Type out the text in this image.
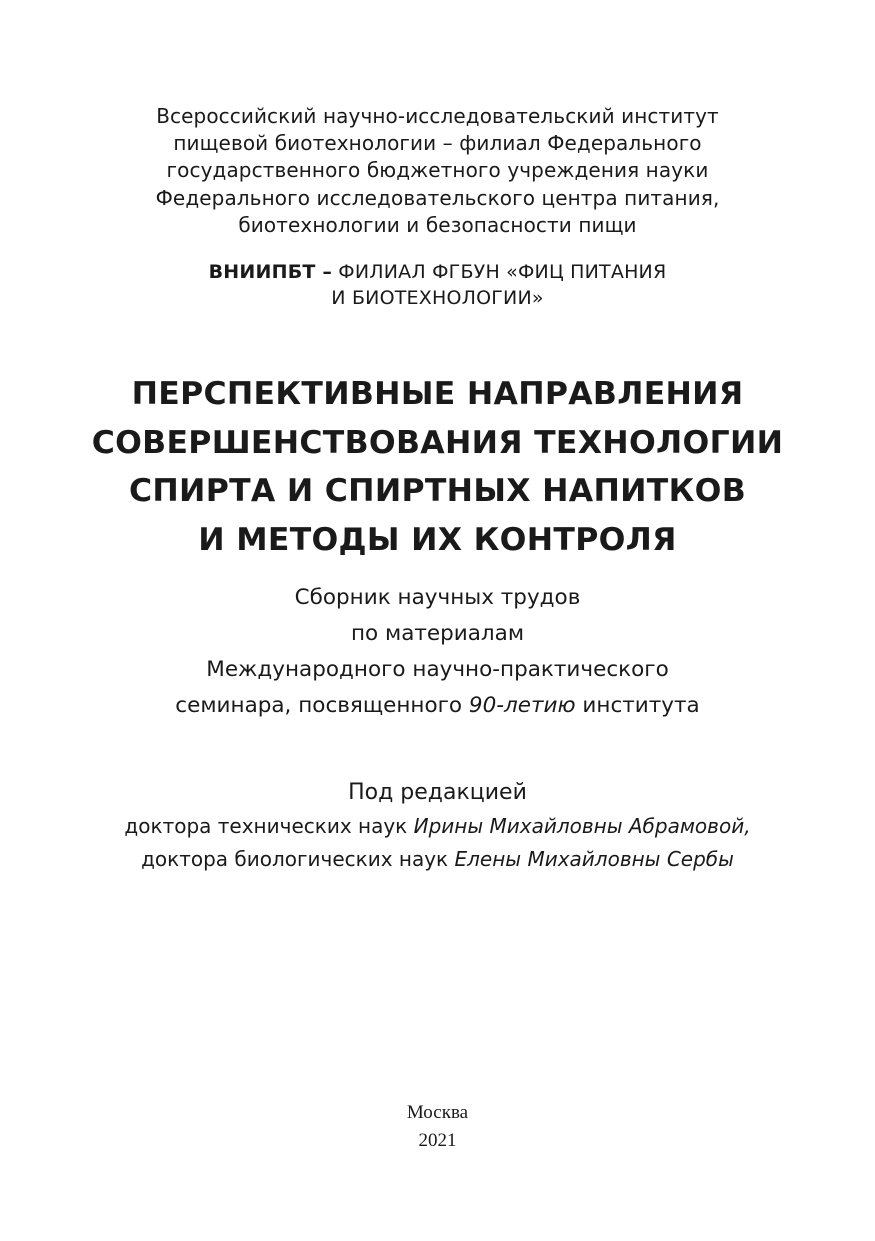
Всероссийский научно-исследовательский институт
пищевой биотехнологии – филиал Федерального
государственного бюджетного учреждения науки
Федерального исследовательского центра питания,
биотехнологии и безопасности пищи
ВНИИПБТ – ФИЛИАЛ ФГБУН «ФИЦ ПИТАНИЯ
И БИОТЕХНОЛОГИИ»
ПЕРСПЕКТИВНЫЕ НАПРАВЛЕНИЯ
СОВЕРШЕНСТВОВАНИЯ ТЕХНОЛОГИИ
СПИРТА И СПИРТНЫХ НАПИТКОВ
И МЕТОДЫ ИХ КОНТРОЛЯ
Сборник научных трудов
по материалам
Международного научно-практического
семинара, посвященного 90-летию института
Под редакцией
доктора технических наук Ирины Михайловны Абрамовой,
доктора биологических наук Елены Михайловны Сербы
Москва
2021
